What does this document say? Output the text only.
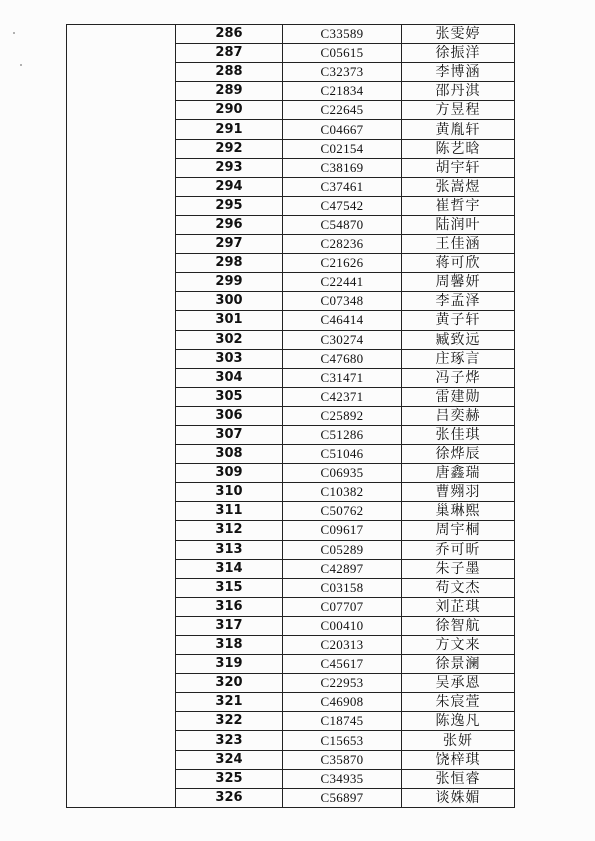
	286	C33589	张雯婷
	287	C05615	徐振洋
	288	C32373	李博涵
	289	C21834	邵丹淇
	290	C22645	方昱程
	291	C04667	黄胤轩
	292	C02154	陈艺晗
	293	C38169	胡宇轩
	294	C37461	张嵩煜
	295	C47542	崔哲宇
	296	C54870	陆润叶
	297	C28236	王佳涵
	298	C21626	蒋可欣
	299	C22441	周馨妍
	300	C07348	李孟泽
	301	C46414	黄子轩
	302	C30274	臧致远
	303	C47680	庄琢言
	304	C31471	冯子烨
	305	C42371	雷建勋
	306	C25892	吕奕赫
	307	C51286	张佳琪
	308	C51046	徐烨辰
	309	C06935	唐鑫瑞
	310	C10382	曹翙羽
	311	C50762	巢琳熙
	312	C09617	周宇桐
	313	C05289	乔可昕
	314	C42897	朱子墨
	315	C03158	苟文杰
	316	C07707	刘芷琪
	317	C00410	徐智航
	318	C20313	方文来
	319	C45617	徐景澜
	320	C22953	吴承恩
	321	C46908	朱宸萱
	322	C18745	陈逸凡
	323	C15653	张妍
	324	C35870	饶梓琪
	325	C34935	张恒睿
	326	C56897	谈姝媚
